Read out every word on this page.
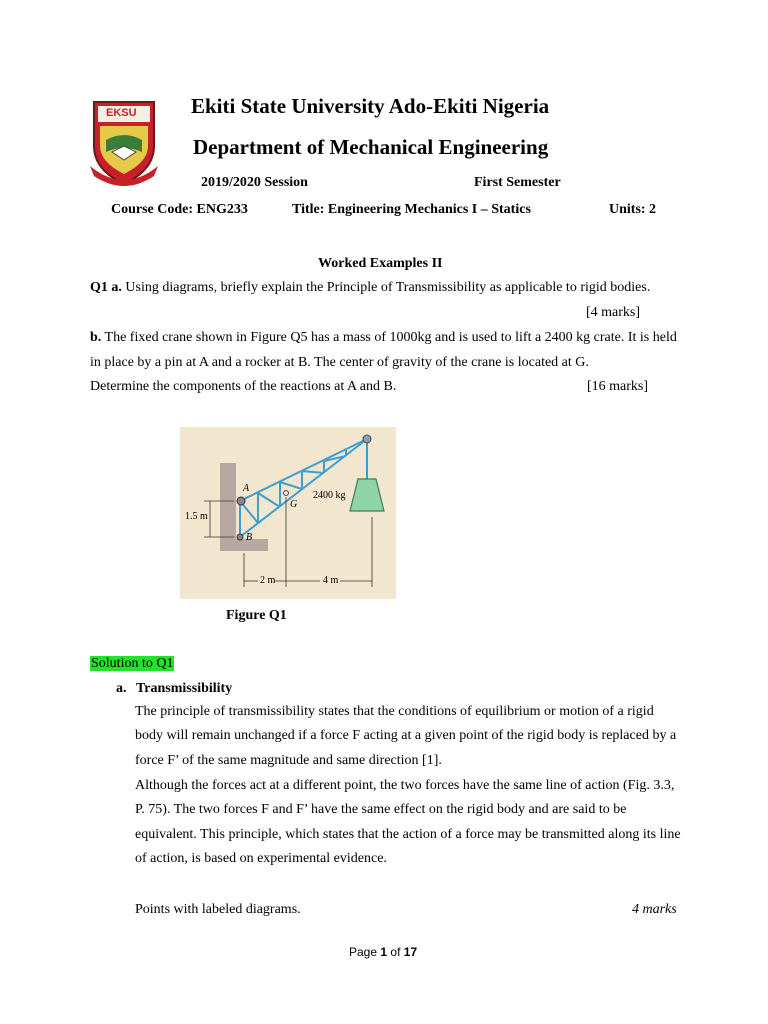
EKSU	Ekiti State University Ado-Ekiti Nigeria
Department of Mechanical Engineering
2019/2020 Session	First Semester
Course Code: ENG233	Title: Engineering Mechanics I – Statics	Units: 2
Worked Examples II
Q1 a. Using diagrams, briefly explain the Principle of Transmissibility as applicable to rigid bodies.
[4 marks]
b. The fixed crane shown in Figure Q5 has a mass of 1000kg and is used to lift a 2400 kg crate. It is held
in place by a pin at A and a rocker at B. The center of gravity of the crane is located at G.
Determine the components of the reactions at A and B.	[16 marks]
A
B
G
2400 kg
1.5 m
2 m	4 m
Figure Q1
Solution to Q1
a. Transmissibility
The principle of transmissibility states that the conditions of equilibrium or motion of a rigid body will remain unchanged if a force F acting at a given point of the rigid body is replaced by a force F’ of the same magnitude and same direction [1].
Although the forces act at a different point, the two forces have the same line of action (Fig. 3.3, P. 75). The two forces F and F’ have the same effect on the rigid body and are said to be equivalent. This principle, which states that the action of a force may be transmitted along its line of action, is based on experimental evidence.
Points with labeled diagrams.	4 marks
Page 1 of 17
